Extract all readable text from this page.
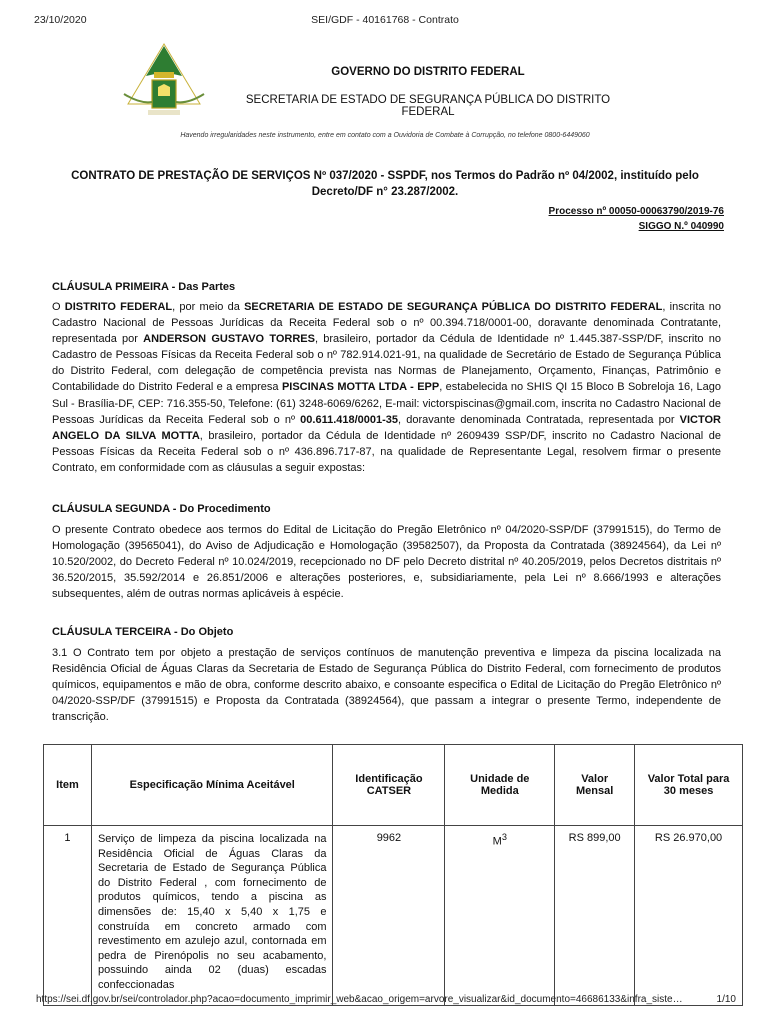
23/10/2020	SEI/GDF - 40161768 - Contrato
GOVERNO DO DISTRITO FEDERAL
SECRETARIA DE ESTADO DE SEGURANÇA PÚBLICA DO DISTRITO FEDERAL
Havendo irregularidades neste instrumento, entre em contato com a Ouvidoria de Combate à Corrupção, no telefone 0800-6449060
CONTRATO DE PRESTAÇÃO DE SERVIÇOS Nº 037/2020 - SSPDF, nos Termos do Padrão nº 04/2002, instituído pelo Decreto/DF n° 23.287/2002.
Processo nº 00050-00063790/2019-76
SIGGO N.º 040990
CLÁUSULA PRIMEIRA - Das Partes
O DISTRITO FEDERAL, por meio da SECRETARIA DE ESTADO DE SEGURANÇA PÚBLICA DO DISTRITO FEDERAL, inscrita no Cadastro Nacional de Pessoas Jurídicas da Receita Federal sob o nº 00.394.718/0001-00, doravante denominada Contratante, representada por ANDERSON GUSTAVO TORRES, brasileiro, portador da Cédula de Identidade nº 1.445.387-SSP/DF, inscrito no Cadastro de Pessoas Físicas da Receita Federal sob o nº 782.914.021-91, na qualidade de Secretário de Estado de Segurança Pública do Distrito Federal, com delegação de competência prevista nas Normas de Planejamento, Orçamento, Finanças, Patrimônio e Contabilidade do Distrito Federal e a empresa PISCINAS MOTTA LTDA - EPP, estabelecida no SHIS QI 15 Bloco B Sobreloja 16, Lago Sul - Brasília-DF, CEP: 716.355-50, Telefone: (61) 3248-6069/6262, E-mail: victorspiscinas@gmail.com, inscrita no Cadastro Nacional de Pessoas Jurídicas da Receita Federal sob o nº 00.611.418/0001-35, doravante denominada Contratada, representada por VICTOR ANGELO DA SILVA MOTTA, brasileiro, portador da Cédula de Identidade nº 2609439 SSP/DF, inscrito no Cadastro Nacional de Pessoas Físicas da Receita Federal sob o nº 436.896.717-87, na qualidade de Representante Legal, resolvem firmar o presente Contrato, em conformidade com as cláusulas a seguir expostas:
CLÁUSULA SEGUNDA - Do Procedimento
O presente Contrato obedece aos termos do Edital de Licitação do Pregão Eletrônico nº 04/2020-SSP/DF (37991515), do Termo de Homologação (39565041), do Aviso de Adjudicação e Homologação (39582507), da Proposta da Contratada (38924564), da Lei nº 10.520/2002, do Decreto Federal nº 10.024/2019, recepcionado no DF pelo Decreto distrital nº 40.205/2019, pelos Decretos distritais nº 36.520/2015, 35.592/2014 e 26.851/2006 e alterações posteriores, e, subsidiariamente, pela Lei nº 8.666/1993 e alterações subsequentes, além de outras normas aplicáveis à espécie.
CLÁUSULA TERCEIRA - Do Objeto
3.1 O Contrato tem por objeto a prestação de serviços contínuos de manutenção preventiva e limpeza da piscina localizada na Residência Oficial de Águas Claras da Secretaria de Estado de Segurança Pública do Distrito Federal, com fornecimento de produtos químicos, equipamentos e mão de obra, conforme descrito abaixo, e consoante especifica o Edital de Licitação do Pregão Eletrônico nº 04/2020-SSP/DF (37991515) e Proposta da Contratada (38924564), que passam a integrar o presente Termo, independente de transcrição.
Item	Especificação Mínima Aceitável	Identificação CATSER	Unidade de Medida	Valor Mensal	Valor Total para 30 meses
1	Serviço de limpeza da piscina localizada na Residência Oficial de Águas Claras da Secretaria de Estado de Segurança Pública do Distrito Federal , com fornecimento de produtos químicos, tendo a piscina as dimensões de: 15,40 x 5,40 x 1,75 e construída em concreto armado com revestimento em azulejo azul, contornada em pedra de Pirenópolis no seu acabamento, possuindo ainda 02 (duas) escadas confeccionadas	9962	$M^3$	RS 899,00	RS 26.970,00
https://sei.df.gov.br/sei/controlador.php?acao=documento_imprimir_web&acao_origem=arvore_visualizar&id_documento=46686133&infra_siste…	1/10
